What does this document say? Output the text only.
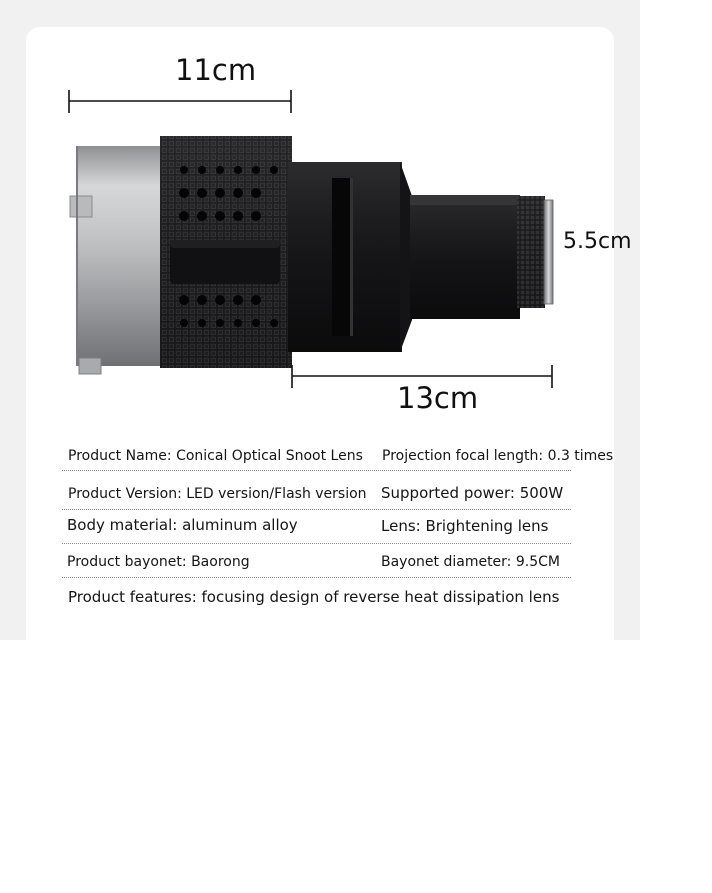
11cm
13cm
5.5cm
Product Name: Conical Optical Snoot Lens Projection focal length: 0.3 times
Product Version: LED version/Flash version Supported power: 500W
Body material: aluminum alloy	Lens: Brightening lens
Product bayonet: Baorong	Bayonet diameter: 9.5CM
Product features: focusing design of reverse heat dissipation lens
